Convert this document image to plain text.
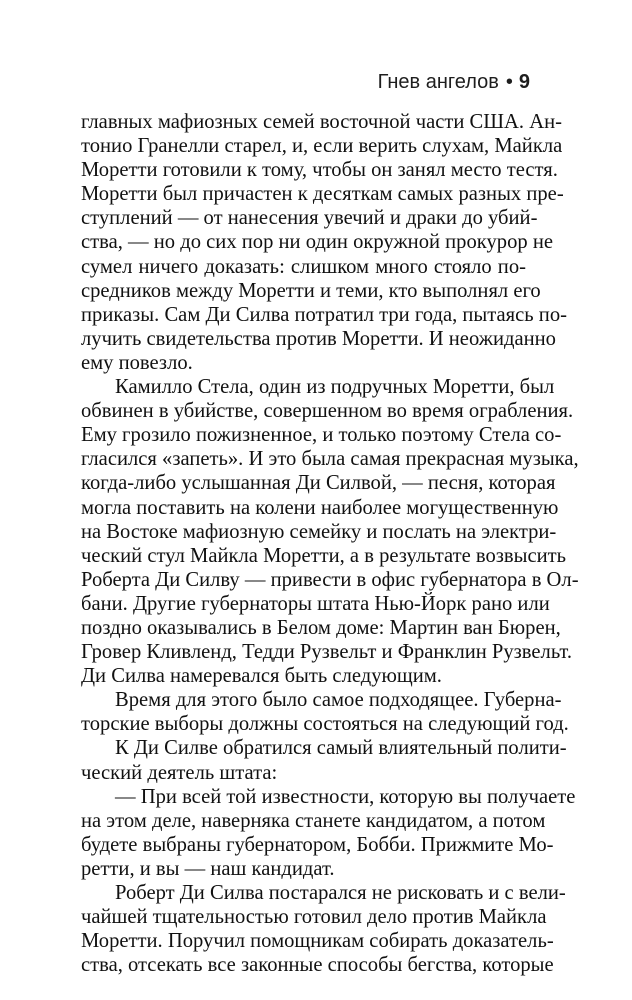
Гнев ангелов • 9
главных мафиозных семей восточной части США. Ан-
тонио Гранелли старел, и, если верить слухам, Майкла
Моретти готовили к тому, чтобы он занял место тестя.
Моретти был причастен к десяткам самых разных пре-
ступлений — от нанесения увечий и драки до убий-
ства, — но до сих пор ни один окружной прокурор не
сумел ничего доказать: слишком много стояло по-
средников между Моретти и теми, кто выполнял его
приказы. Сам Ди Силва потратил три года, пытаясь по-
лучить свидетельства против Моретти. И неожиданно
ему повезло.
Камилло Стела, один из подручных Моретти, был
обвинен в убийстве, совершенном во время ограбления.
Ему грозило пожизненное, и только поэтому Стела со-
гласился «запеть». И это была самая прекрасная музыка,
когда-либо услышанная Ди Силвой, — песня, которая
могла поставить на колени наиболее могущественную
на Востоке мафиозную семейку и послать на электри-
ческий стул Майкла Моретти, а в результате возвысить
Роберта Ди Силву — привести в офис губернатора в Ол-
бани. Другие губернаторы штата Нью-Йорк рано или
поздно оказывались в Белом доме: Мартин ван Бюрен,
Гровер Кливленд, Тедди Рузвельт и Франклин Рузвельт.
Ди Силва намеревался быть следующим.
Время для этого было самое подходящее. Губерна-
торские выборы должны состояться на следующий год.
К Ди Силве обратился самый влиятельный полити-
ческий деятель штата:
— При всей той известности, которую вы получаете
на этом деле, наверняка станете кандидатом, а потом
будете выбраны губернатором, Бобби. Прижмите Мо-
ретти, и вы — наш кандидат.
Роберт Ди Силва постарался не рисковать и с вели-
чайшей тщательностью готовил дело против Майкла
Моретти. Поручил помощникам собирать доказатель-
ства, отсекать все законные способы бегства, которые
